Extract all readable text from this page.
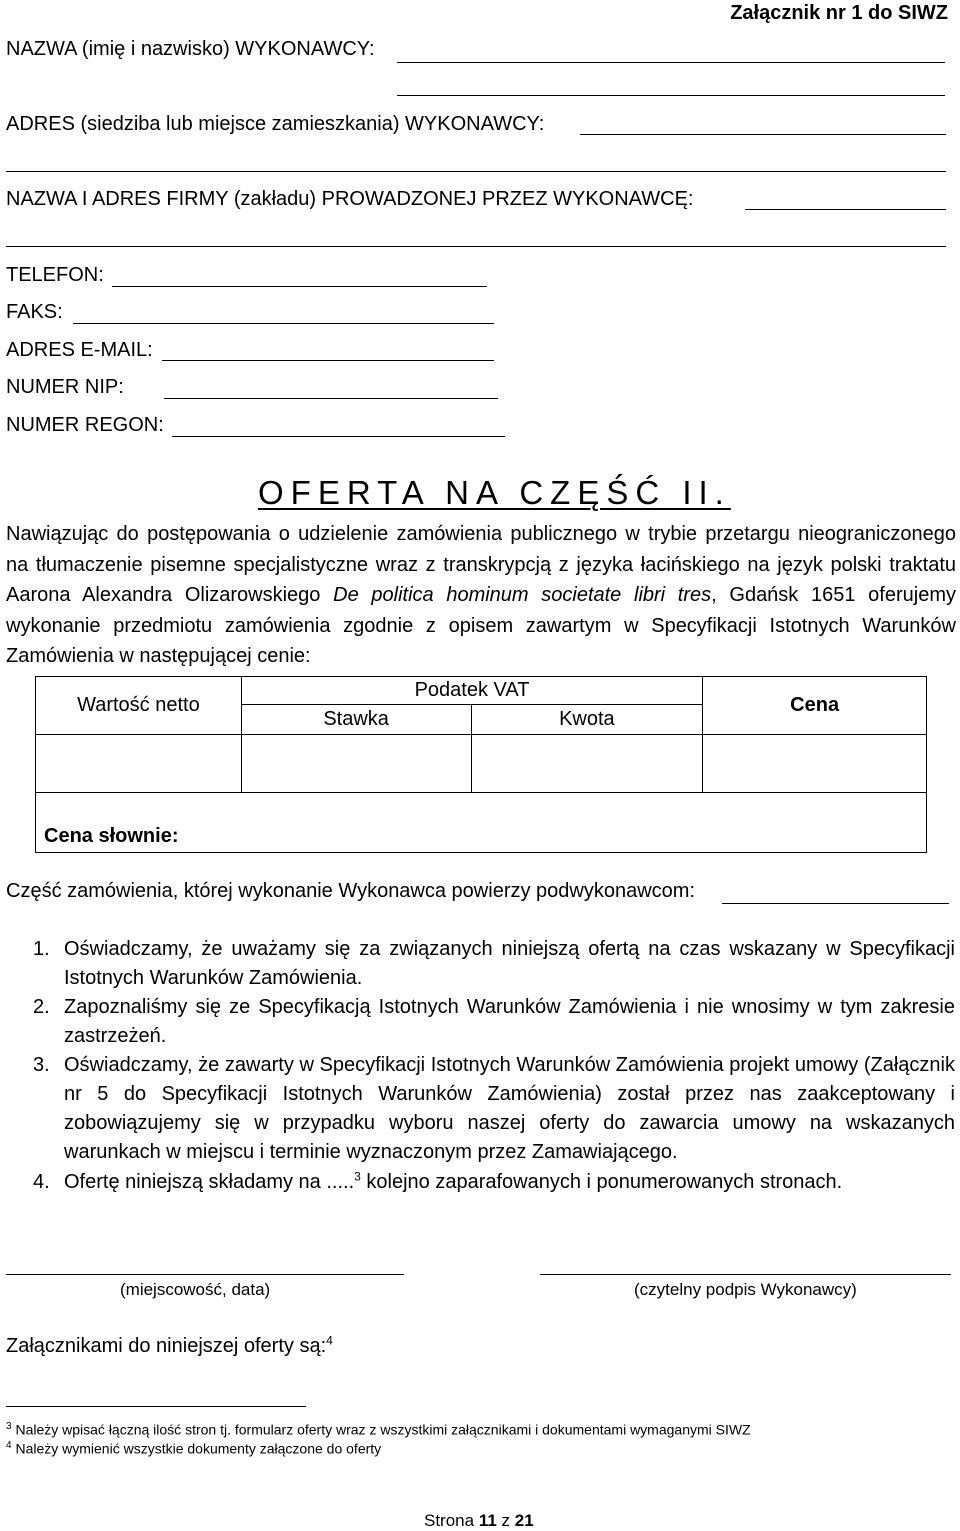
Załącznik nr 1 do SIWZ
NAZWA (imię i nazwisko) WYKONAWCY:
ADRES (siedziba lub miejsce zamieszkania) WYKONAWCY:
NAZWA I ADRES FIRMY (zakładu) PROWADZONEJ PRZEZ WYKONAWCĘ:
TELEFON:
FAKS:
ADRES E-MAIL:
NUMER NIP:
NUMER REGON:
OFERTA NA CZĘŚĆ II.
Nawiązując do postępowania o udzielenie zamówienia publicznego w trybie przetargu nieograniczonego
na tłumaczenie pisemne specjalistyczne wraz z transkrypcją z języka łacińskiego na język polski traktatu
Aarona Alexandra Olizarowskiego De politica hominum societate libri tres, Gdańsk 1651 oferujemy
wykonanie przedmiotu zamówienia zgodnie z opisem zawartym w Specyfikacji Istotnych Warunków
Zamówienia w następującej cenie:
Wartość netto	Podatek VAT		Cena
	Stawka	Kwota	

Cena słownie:			
Część zamówienia, której wykonanie Wykonawca powierzy podwykonawcom:
1. Oświadczamy, że uważamy się za związanych niniejszą ofertą na czas wskazany w Specyfikacji Istotnych Warunków Zamówienia.
2. Zapoznaliśmy się ze Specyfikacją Istotnych Warunków Zamówienia i nie wnosimy w tym zakresie zastrzeżeń.
3. Oświadczamy, że zawarty w Specyfikacji Istotnych Warunków Zamówienia projekt umowy (Załącznik nr 5 do Specyfikacji Istotnych Warunków Zamówienia) został przez nas zaakceptowany i zobowiązujemy się w przypadku wyboru naszej oferty do zawarcia umowy na wskazanych warunkach w miejscu i terminie wyznaczonym przez Zamawiającego.
4. Ofertę niniejszą składamy na .....$^3$ kolejno zaparafowanych i ponumerowanych stronach.
(miejscowość, data)	(czytelny podpis Wykonawcy)
Załącznikami do niniejszej oferty są:$^4$
$^3$ Należy wpisać łączną ilość stron tj. formularz oferty wraz z wszystkimi załącznikami i dokumentami wymaganymi SIWZ
$^4$ Należy wymienić wszystkie dokumenty załączone do oferty
Strona 11 z 21
